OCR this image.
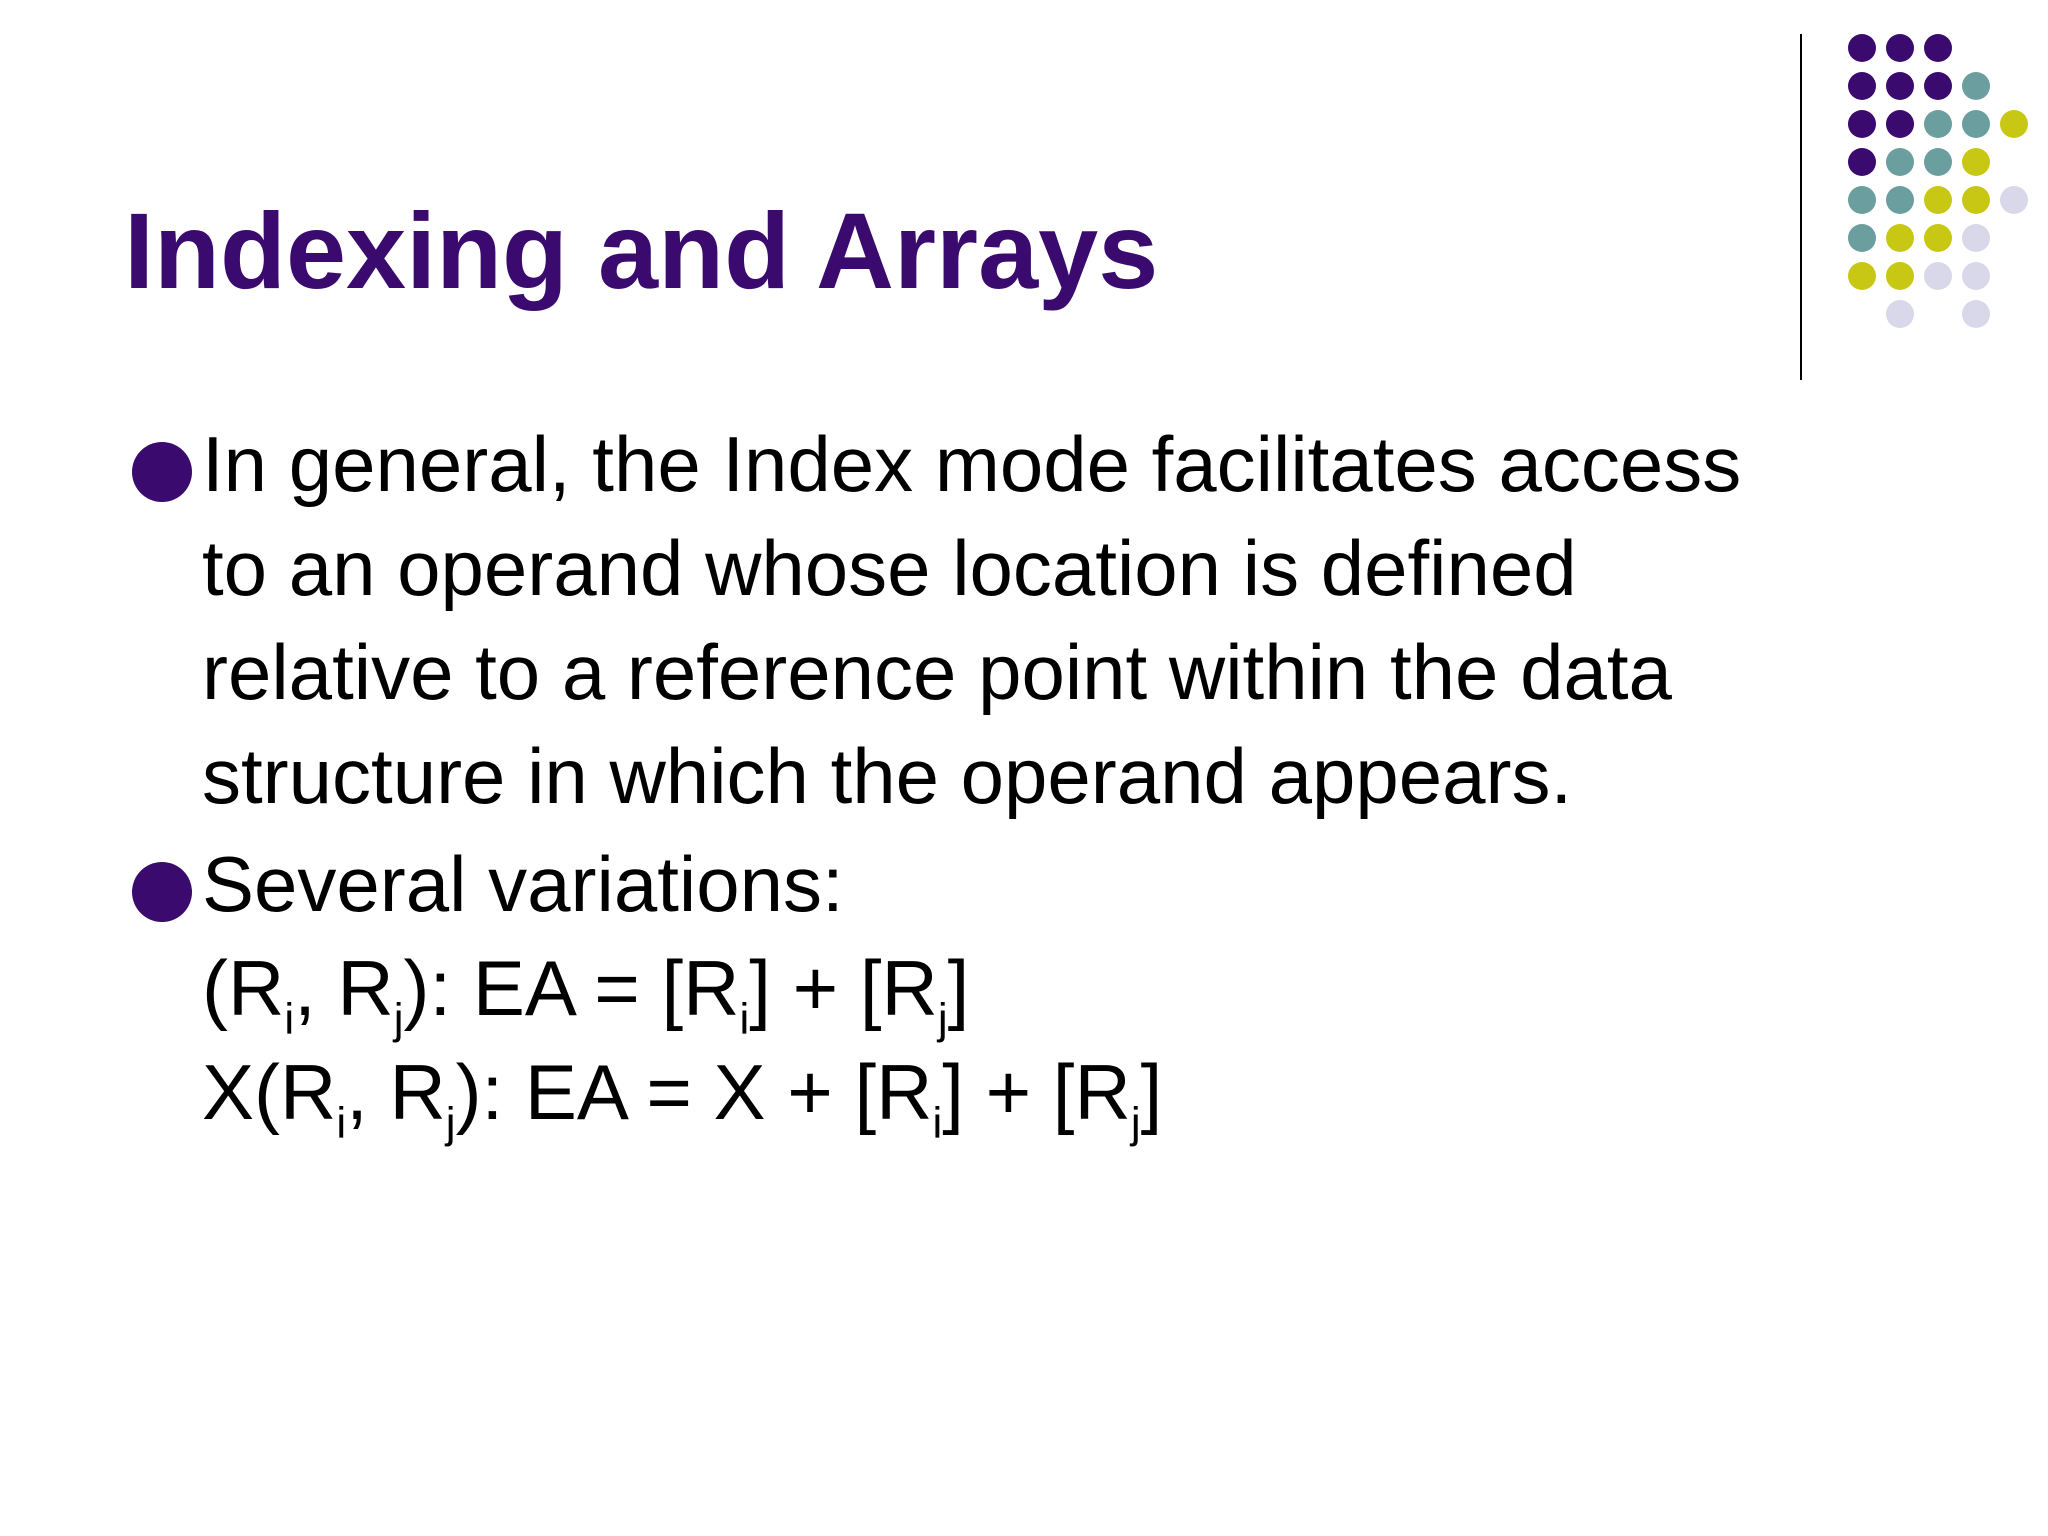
Indexing and Arrays
In general, the Index mode facilitates access
to an operand whose location is defined
relative to a reference point within the data
structure in which the operand appears.
Several variations:
($R_i$, $R_j$): EA = $[R_i] + [R_j]$
$X(R_i$, $R_j$): EA = $X + [R_i] + [R_j]$
